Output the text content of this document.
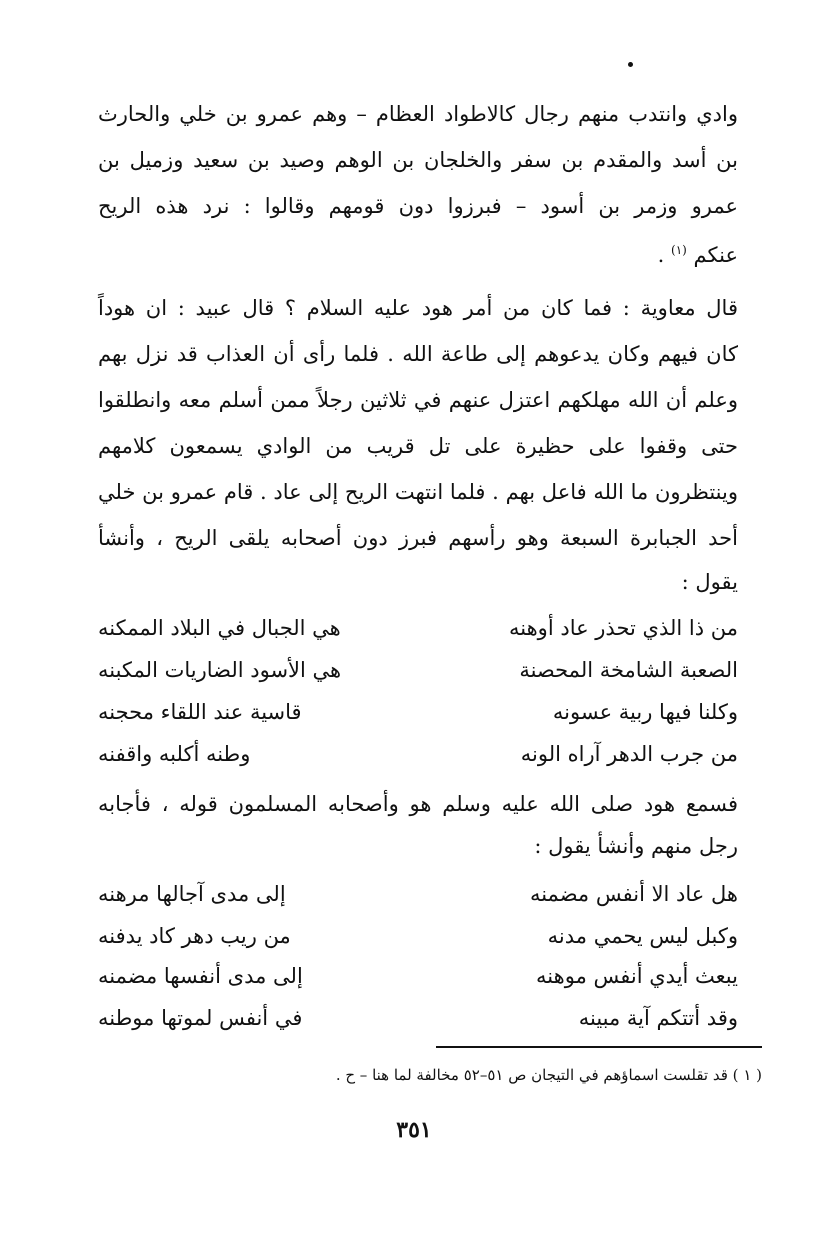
وادي وانتدب منهم رجال كالاطواد العظام – وهم عمرو بن خلي والحارث
بن أسد والمقدم بن سفر والخلجان بن الوهم وصيد بن سعيد وزميل بن
عمرو وزمر بن أسود – فبرزوا دون قومهم وقالوا : نرد هذه الريح
عنكم $^{(١)}$ .
قال معاوية : فما كان من أمر هود عليه السلام ؟ قال عبيد : ان هوداً
كان فيهم وكان يدعوهم إلى طاعة الله . فلما رأى أن العذاب قد نزل بهم
وعلم أن الله مهلكهم اعتزل عنهم في ثلاثين رجلاً ممن أسلم معه وانطلقوا
حتى وقفوا على حظيرة على تل قريب من الوادي يسمعون كلامهم
وينتظرون ما الله فاعل بهم . فلما انتهت الريح إلى عاد . قام عمرو بن خلي
أحد الجبابرة السبعة وهو رأسهم فبرز دون أصحابه يلقى الريح ، وأنشأ
يقول :
من ذا الذي تحذر عاد أوهنه
هي الجبال في البلاد الممكنه
الصعبة الشامخة المحصنة
هي الأسود الضاريات المكبنه
وكلنا فيها ربية عسونه
قاسية عند اللقاء محجنه
من جرب الدهر آراه الونه
وطنه أكلبه واقفنه
فسمع هود صلى الله عليه وسلم هو وأصحابه المسلمون قوله ، فأجابه
رجل منهم وأنشأ يقول :
هل عاد الا أنفس مضمنه
إلى مدى آجالها مرهنه
وكبل ليس يحمي مدنه
من ريب دهر كاد يدفنه
يبعث أيدي أنفس موهنه
إلى مدى أنفسها مضمنه
وقد أتتكم آية مبينه
في أنفس لموتها موطنه
( ١ ) قد تقلست اسماؤهم في التيجان ص ٥١–٥٢ مخالفة لما هنا – ح .
٣٥١
